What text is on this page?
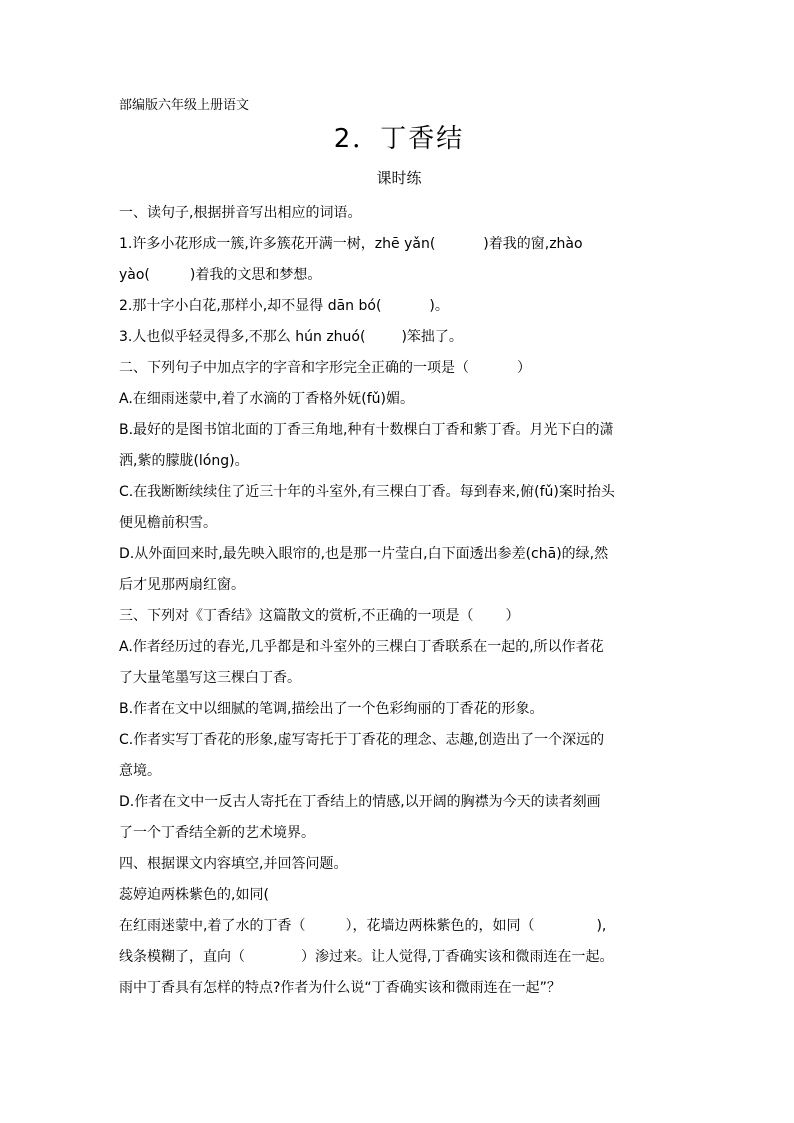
部编版六年级上册语文
2．丁香结
课时练
一、读句子,根据拼音写出相应的词语。
1.许多小花形成一簇,许多簇花开满一树，zhē yǎn(	)着我的窗,zhào
yào(	)着我的文思和梦想。
2.那十字小白花,那样小,却不显得 dān bó(	)。
3.人也似乎轻灵得多,不那么 hún zhuó(	)笨拙了。
二、下列句子中加点字的字音和字形完全正确的一项是（	）
A.在细雨迷蒙中,着了水滴的丁香格外妩(fǔ)媚。
B.最好的是图书馆北面的丁香三角地,种有十数棵白丁香和紫丁香。月光下白的潇
洒,紫的朦胧(lóng)。
C.在我断断续续住了近三十年的斗室外,有三棵白丁香。每到春来,俯(fǔ)案时抬头
便见檐前积雪。
D.从外面回来时,最先映入眼帘的,也是那一片莹白,白下面透出参差(chā)的绿,然
后才见那两扇红窗。
三、下列对《丁香结》这篇散文的赏析,不正确的一项是（ ）
A.作者经历过的春光,几乎都是和斗室外的三棵白丁香联系在一起的,所以作者花
了大量笔墨写这三棵白丁香。
B.作者在文中以细腻的笔调,描绘出了一个色彩绚丽的丁香花的形象。
C.作者实写丁香花的形象,虚写寄托于丁香花的理念、志趣,创造出了一个深远的
意境。
D.作者在文中一反古人寄托在丁香结上的情感,以开阔的胸襟为今天的读者刻画
了一个丁香结全新的艺术境界。
四、根据课文内容填空,并回答问题。
蕊婷迫两株紫色的,如同(
在红雨迷蒙中,着了水的丁香（	），花墙边两株紫色的，如同（	),
线条模糊了，直向（	）渗过来。让人觉得,丁香确实该和微雨连在一起。
雨中丁香具有怎样的特点?作者为什么说“丁香确实该和微雨连在一起”？
